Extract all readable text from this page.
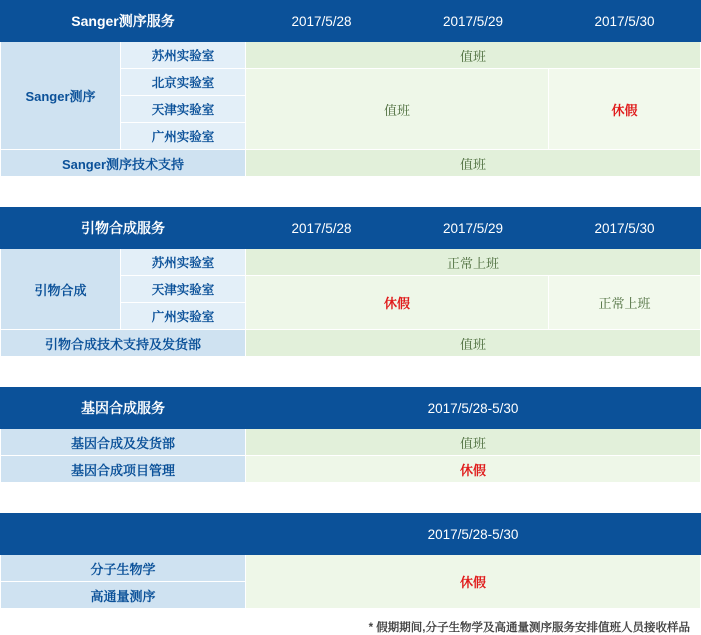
Sanger测序服务		2017/5/28	2017/5/29	2017/5/30
Sanger测序	苏州实验室	值班		
	北京实验室	值班		休假
	天津实验室			
	广州实验室			
Sanger测序技术支持		值班		
引物合成服务		2017/5/28	2017/5/29	2017/5/30
引物合成	苏州实验室	正常上班		
	天津实验室	休假		正常上班
	广州实验室			
引物合成技术支持及发货部		值班		
基因合成服务	2017/5/28-5/30
基因合成及发货部	值班
基因合成项目管理	休假
	2017/5/28-5/30
分子生物学	休假
高通量测序	
* 假期期间,分子生物学及高通量测序服务安排值班人员接收样品
